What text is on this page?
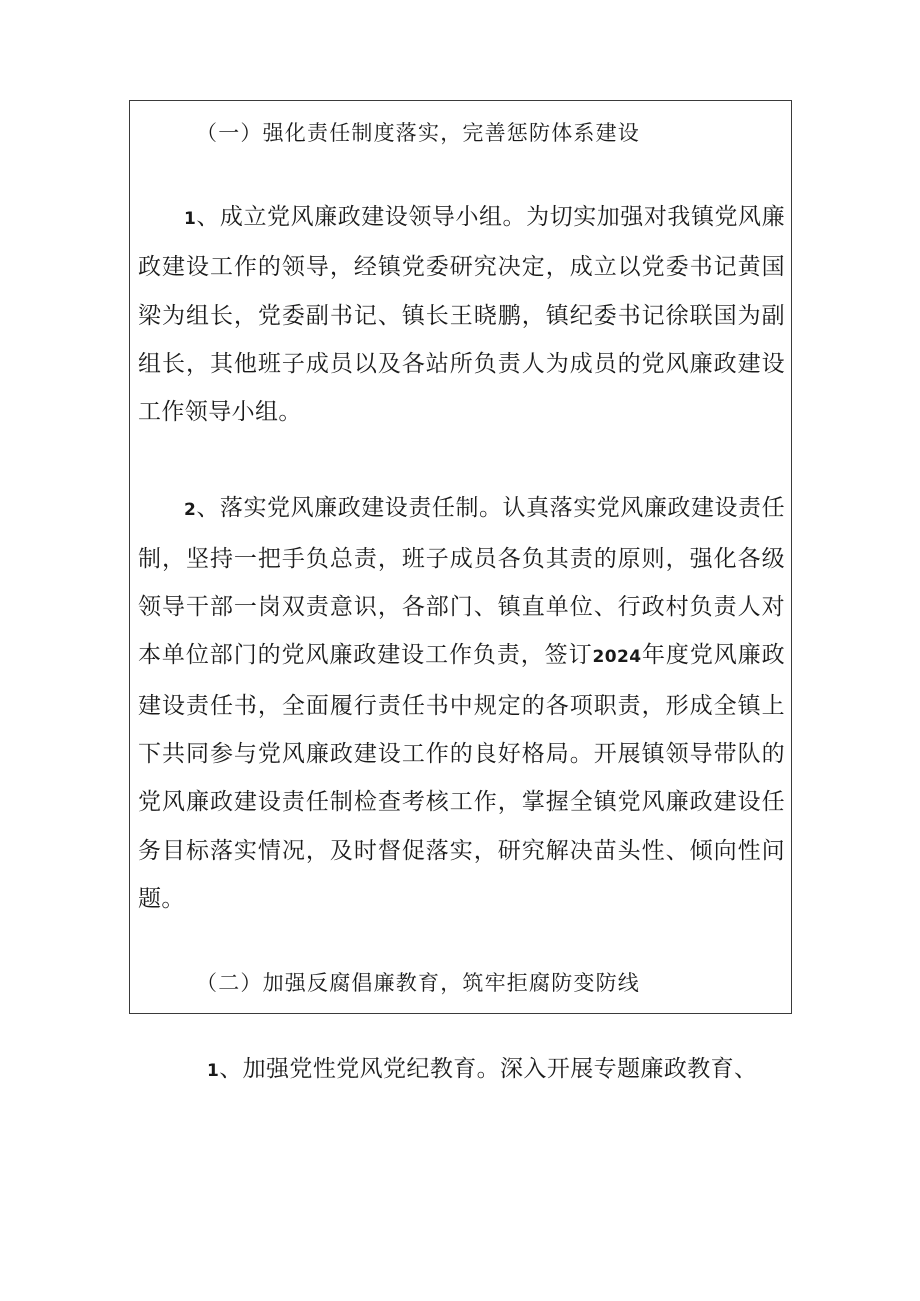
（一）强化责任制度落实，完善惩防体系建设

1、成立党风廉政建设领导小组。为切实加强对我镇党风廉政建设工作的领导，经镇党委研究决定，成立以党委书记黄国梁为组长，党委副书记、镇长王晓鹏，镇纪委书记徐联国为副组长，其他班子成员以及各站所负责人为成员的党风廉政建设工作领导小组。

2、落实党风廉政建设责任制。认真落实党风廉政建设责任制，坚持一把手负总责，班子成员各负其责的原则，强化各级领导干部一岗双责意识，各部门、镇直单位、行政村负责人对本单位部门的党风廉政建设工作负责，签订2024年度党风廉政建设责任书，全面履行责任书中规定的各项职责，形成全镇上下共同参与党风廉政建设工作的良好格局。开展镇领导带队的党风廉政建设责任制检查考核工作，掌握全镇党风廉政建设任务目标落实情况，及时督促落实，研究解决苗头性、倾向性问题。

（二）加强反腐倡廉教育，筑牢拒腐防变防线

1、加强党性党风党纪教育。深入开展专题廉政教育、
